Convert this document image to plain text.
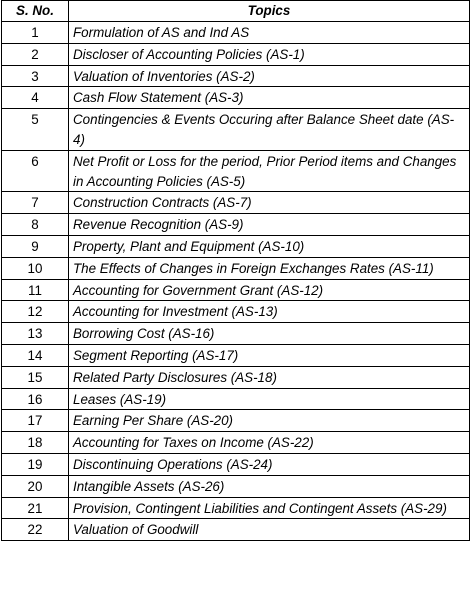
S. No.	Topics
1	Formulation of AS and Ind AS
2	Discloser of Accounting Policies (AS-1)
3	Valuation of Inventories (AS-2)
4	Cash Flow Statement (AS-3)
5	Contingencies & Events Occuring after Balance Sheet date (AS-4)
6	Net Profit or Loss for the period, Prior Period items and Changes in Accounting Policies (AS-5)
7	Construction Contracts (AS-7)
8	Revenue Recognition (AS-9)
9	Property, Plant and Equipment (AS-10)
10	The Effects of Changes in Foreign Exchanges Rates (AS-11)
11	Accounting for Government Grant (AS-12)
12	Accounting for Investment (AS-13)
13	Borrowing Cost (AS-16)
14	Segment Reporting (AS-17)
15	Related Party Disclosures (AS-18)
16	Leases (AS-19)
17	Earning Per Share (AS-20)
18	Accounting for Taxes on Income (AS-22)
19	Discontinuing Operations (AS-24)
20	Intangible Assets (AS-26)
21	Provision, Contingent Liabilities and Contingent Assets (AS-29)
22	Valuation of Goodwill
